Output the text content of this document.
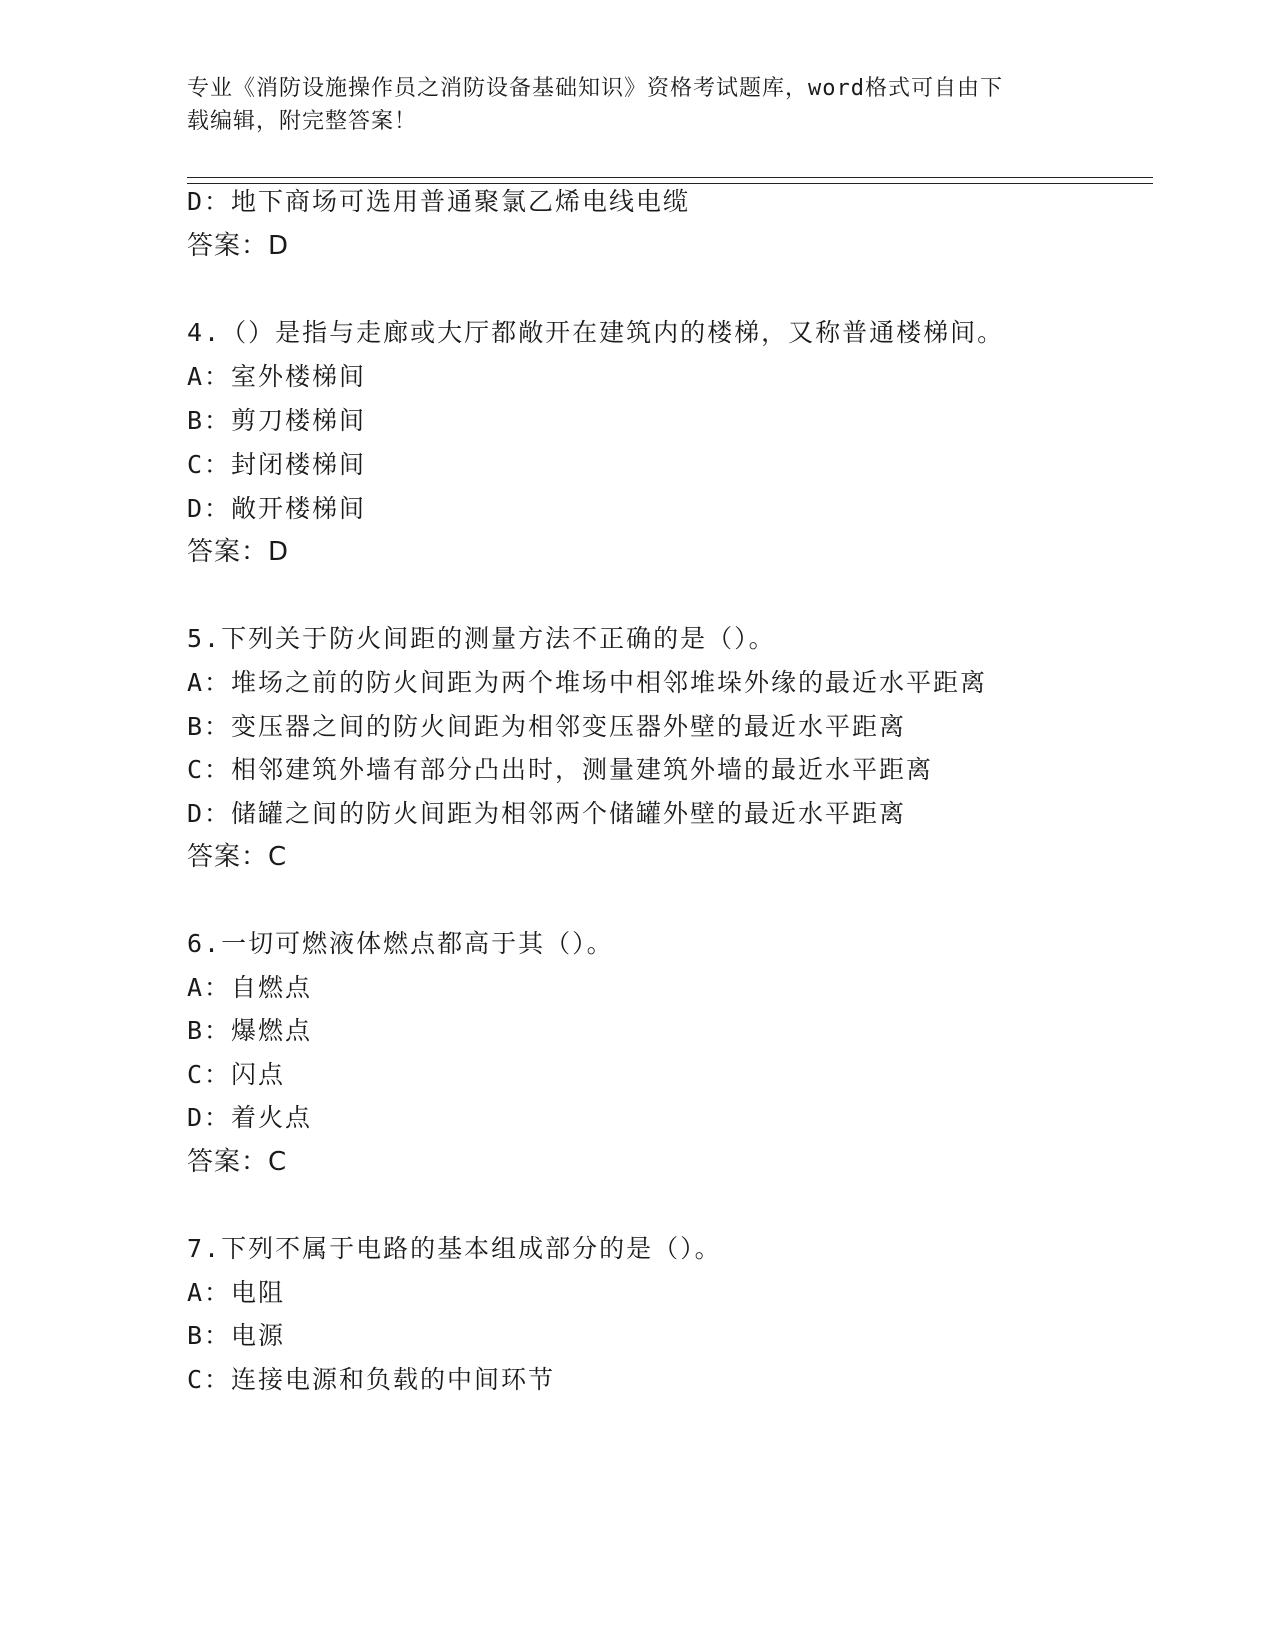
专业《消防设施操作员之消防设备基础知识》资格考试题库，word格式可自由下
载编辑，附完整答案！
D：地下商场可选用普通聚氯乙烯电线电缆
答案：D
4.（）是指与走廊或大厅都敞开在建筑内的楼梯，又称普通楼梯间。
A：室外楼梯间
B：剪刀楼梯间
C：封闭楼梯间
D：敞开楼梯间
答案：D
5.下列关于防火间距的测量方法不正确的是（）。
A：堆场之前的防火间距为两个堆场中相邻堆垛外缘的最近水平距离
B：变压器之间的防火间距为相邻变压器外壁的最近水平距离
C：相邻建筑外墙有部分凸出时，测量建筑外墙的最近水平距离
D：储罐之间的防火间距为相邻两个储罐外壁的最近水平距离
答案：C
6.一切可燃液体燃点都高于其（）。
A：自燃点
B：爆燃点
C：闪点
D：着火点
答案：C
7.下列不属于电路的基本组成部分的是（）。
A：电阻
B：电源
C：连接电源和负载的中间环节
